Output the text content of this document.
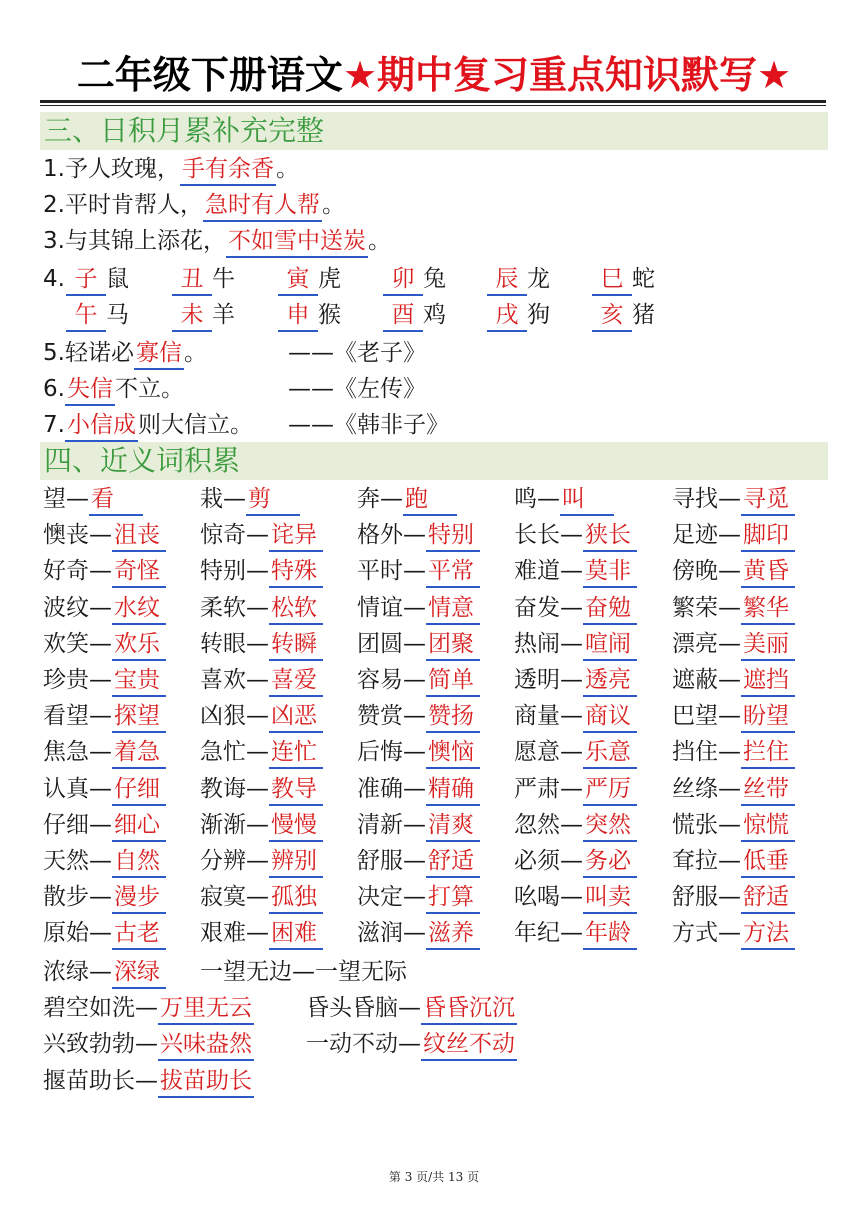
二年级下册语文★期中复习重点知识默写★
三、日积月累补充完整
1.予人玫瑰，手有余香。
2.平时肯帮人，急时有人帮。
3.与其锦上添花，不如雪中送炭。
4. 子 鼠	丑 牛	寅 虎	卯 兔	辰 龙	巳 蛇
午 马	未 羊	申 猴	酉 鸡	戌 狗	亥 猪
5.轻诺必寡信。	——《老子》
6.失信不立。	——《左传》
7.小信成则大信立。 ——《韩非子》
四、近义词积累
望—看	栽—剪	奔—跑	鸣—叫	寻找—寻觅
懊丧—沮丧 惊奇—诧异 格外—特别 长长—狭长 足迹—脚印
好奇—奇怪 特别—特殊 平时—平常 难道—莫非 傍晚—黄昏
波纹—水纹 柔软—松软 情谊—情意 奋发—奋勉 繁荣—繁华
欢笑—欢乐 转眼—转瞬 团圆—团聚 热闹—喧闹 漂亮—美丽
珍贵—宝贵 喜欢—喜爱 容易—简单 透明—透亮 遮蔽—遮挡
看望—探望 凶狠—凶恶 赞赏—赞扬 商量—商议 巴望—盼望
焦急—着急 急忙—连忙 后悔—懊恼 愿意—乐意 挡住—拦住
认真—仔细 教诲—教导 准确—精确 严肃—严厉 丝绦—丝带
仔细—细心 渐渐—慢慢 清新—清爽 忽然—突然 慌张—惊慌
天然—自然 分辨—辨别 舒服—舒适 必须—务必 耷拉—低垂
散步—漫步 寂寞—孤独 决定—打算 吆喝—叫卖 舒服—舒适
原始—古老 艰难—困难 滋润—滋养 年纪—年龄 方式—方法
浓绿—深绿 一望无边—一望无际
碧空如洗—万里无云 昏头昏脑—昏昏沉沉
兴致勃勃—兴味盎然 一动不动—纹丝不动
揠苗助长—拔苗助长
第 3 页/共 13 页
